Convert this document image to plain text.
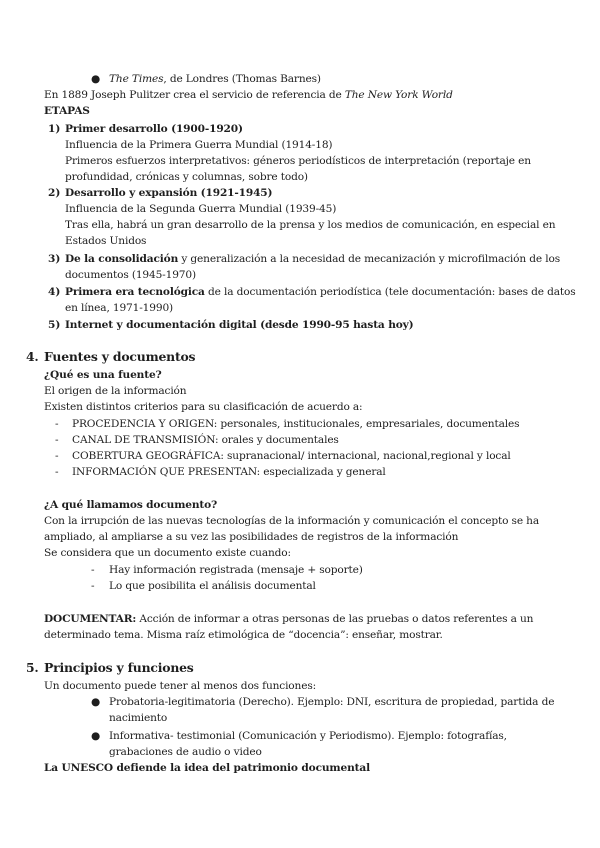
● The Times, de Londres (Thomas Barnes)
En 1889 Joseph Pulitzer crea el servicio de referencia de The New York World
ETAPAS
1) Primer desarrollo (1900-1920)
Influencia de la Primera Guerra Mundial (1914-18)
Primeros esfuerzos interpretativos: géneros periodísticos de interpretación (reportaje en
profundidad, crónicas y columnas, sobre todo)
2) Desarrollo y expansión (1921-1945)
Influencia de la Segunda Guerra Mundial (1939-45)
Tras ella, habrá un gran desarrollo de la prensa y los medios de comunicación, en especial en
Estados Unidos
3) De la consolidación y generalización a la necesidad de mecanización y microfilmación de los
documentos (1945-1970)
4) Primera era tecnológica de la documentación periodística (tele documentación: bases de datos
en línea, 1971-1990)
5) Internet y documentación digital (desde 1990-95 hasta hoy)
4. Fuentes y documentos
¿Qué es una fuente?
El origen de la información
Existen distintos criterios para su clasificación de acuerdo a:
- PROCEDENCIA Y ORIGEN: personales, institucionales, empresariales, documentales
- CANAL DE TRANSMISIÓN: orales y documentales
- COBERTURA GEOGRÁFICA: supranacional/ internacional, nacional,regional y local
- INFORMACIÓN QUE PRESENTAN: especializada y general
¿A qué llamamos documento?
Con la irrupción de las nuevas tecnologías de la información y comunicación el concepto se ha
ampliado, al ampliarse a su vez las posibilidades de registros de la información
Se considera que un documento existe cuando:
- Hay información registrada (mensaje + soporte)
- Lo que posibilita el análisis documental
DOCUMENTAR: Acción de informar a otras personas de las pruebas o datos referentes a un
determinado tema. Misma raíz etimológica de “docencia”: enseñar, mostrar.
5. Principios y funciones
Un documento puede tener al menos dos funciones:
● Probatoria-legitimatoria (Derecho). Ejemplo: DNI, escritura de propiedad, partida de
nacimiento
● Informativa- testimonial (Comunicación y Periodismo). Ejemplo: fotografías,
grabaciones de audio o video
La UNESCO defiende la idea del patrimonio documental
